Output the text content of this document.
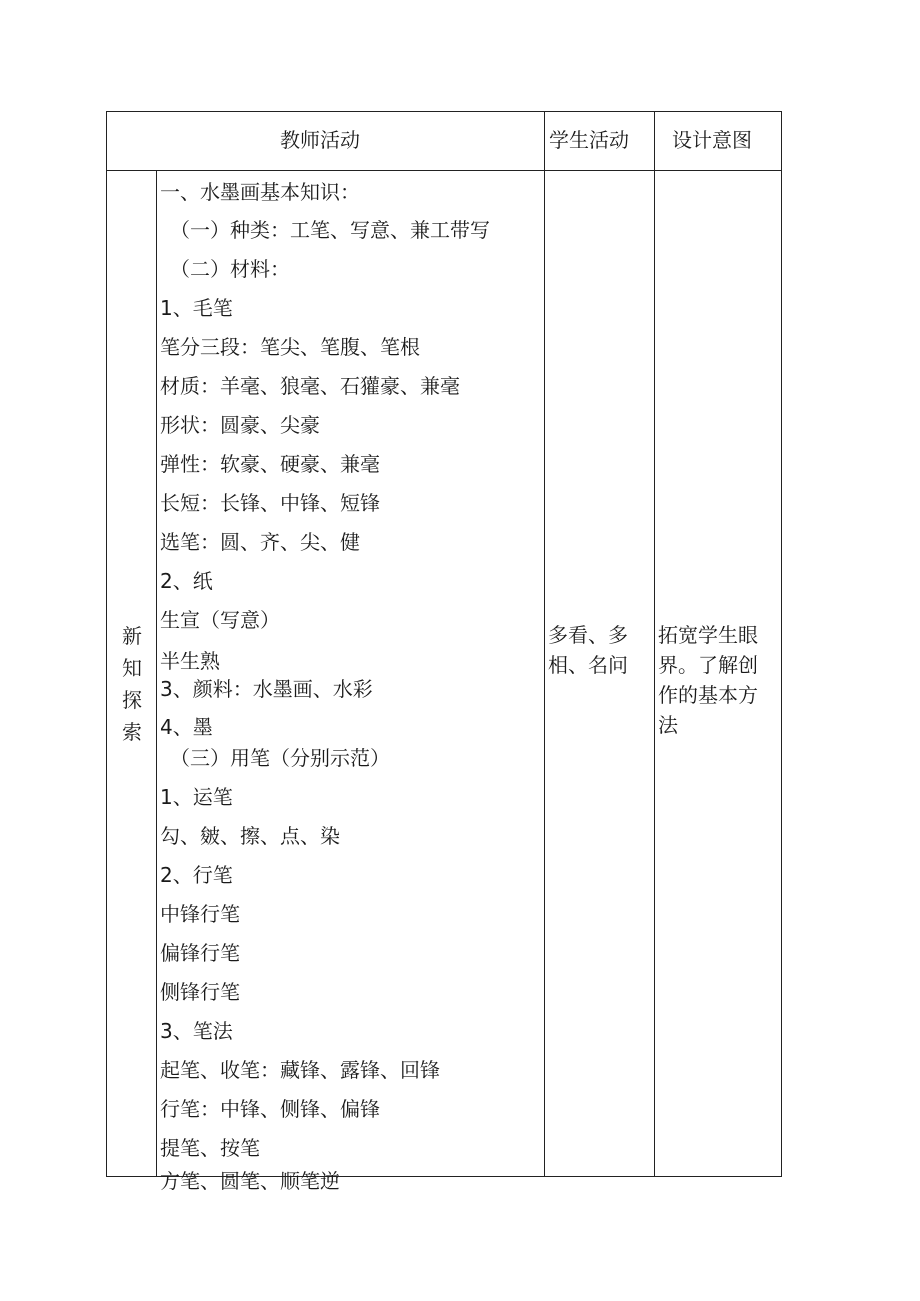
教师活动	学生活动 设计意图
新
知
探
索
一、水墨画基本知识：
　（一）种类：工笔、写意、兼工带写
　（二）材料：
1、毛笔
笔分三段：笔尖、笔腹、笔根
材质：羊毫、狼毫、石獾豪、兼毫
形状：圆豪、尖豪
弹性：软豪、硬豪、兼毫
长短：长锋、中锋、短锋
选笔：圆、齐、尖、健
2、纸
生宣（写意）
半生熟
3、颜料：水墨画、水彩
4、墨
　（三）用笔（分别示范）
1、运笔
勾、皴、擦、点、染
2、行笔
中锋行笔
偏锋行笔
侧锋行笔
3、笔法
起笔、收笔：藏锋、露锋、回锋
行笔：中锋、侧锋、偏锋
提笔、按笔
方笔、圆笔、顺笔逆
多看、多相、名问
拓宽学生眼界。了解创作的基本方法
